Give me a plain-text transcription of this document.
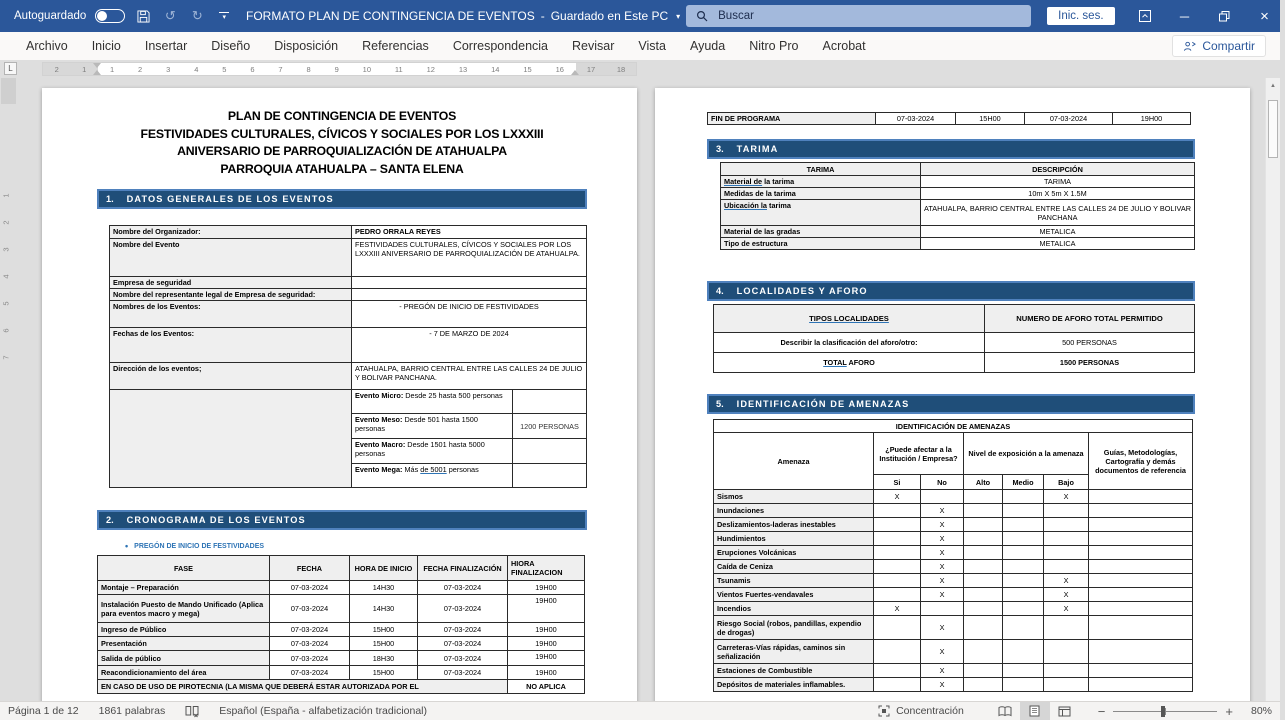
Autoguardado	↺ ↻	▾ FORMATO PLAN DE CONTINGENCIA DE EVENTOS - Guardado en Este PC ▾	Buscar	Inic. ses.	─	×
Archivo	Inicio	Insertar	Diseño	Disposición	Referencias	Correspondencia	Revisar	Vista	Ayuda	Nitro Pro	Acrobat	Compartir
L	2	1	1	2	3	4	5	6	7	8	9	10	11	12	13	14	15	16	17	18
1
2
3
4
5
6
7
PLAN DE CONTINGENCIA DE EVENTOS
FESTIVIDADES CULTURALES, CÍVICOS Y SOCIALES POR LOS LXXXIII
ANIVERSARIO DE PARROQUIALIZACIÓN DE ATAHUALPA
PARROQUIA ATAHUALPA – SANTA ELENA
1. DATOS GENERALES DE LOS EVENTOS
Nombre del Organizador:	PEDRO ORRALA REYES	
Nombre del Evento	FESTIVIDADES CULTURALES, CÍVICOS Y SOCIALES POR LOS LXXXIII ANIVERSARIO DE PARROQUIALIZACIÓN DE ATAHUALPA.	
Empresa de seguridad		
Nombre del representante legal de Empresa de seguridad:		
Nombres de los Eventos:	- PREGÓN DE INICIO DE FESTIVIDADES	
Fechas de los Eventos:	- 7 DE MARZO DE 2024	
Dirección de los eventos;	ATAHUALPA, BARRIO CENTRAL ENTRE LAS CALLES 24 DE JULIO Y BOLIVAR PANCHANA.	
	Evento Micro: Desde 25 hasta 500 personas	
	Evento Meso: Desde 501 hasta 1500 personas	1200 PERSONAS
	Evento Macro: Desde 1501 hasta 5000 personas	
	Evento Mega: Más de 5001 personas	
2. CRONOGRAMA DE LOS EVENTOS
• PREGÓN DE INICIO DE FESTIVIDADES
FASE	FECHA	HORA DE INICIO	FECHA FINALIZACIÓN	HIORA FINALIZACION
Montaje – Preparación	07-03-2024	14H30	07-03-2024	19H00
Instalación Puesto de Mando Unificado (Aplica para eventos macro y mega)	07-03-2024	14H30	07-03-2024	19H00
Ingreso de Público	07-03-2024	15H00	07-03-2024	19H00
Presentación	07-03-2024	15H00	07-03-2024	19H00
Salida de público	07-03-2024	18H30	07-03-2024	19H00
Reacondicionamiento del área	07-03-2024	15H00	07-03-2024	19H00
EN CASO DE USO DE PIROTECNIA (LA MISMA QUE DEBERÁ ESTAR AUTORIZADA POR EL				NO APLICA
FIN DE PROGRAMA	07-03-2024	15H00	07-03-2024	19H00
3. TARIMA
TARIMA	DESCRIPCIÓN
Material de la tarima	TARIMA
Medidas de la tarima	10m X 5m X 1.5M
Ubicación la tarima	ATAHUALPA, BARRIO CENTRAL ENTRE LAS CALLES 24 DE JULIO Y BOLIVAR PANCHANA
Material de las gradas	METALICA
Tipo de estructura	METALICA
4. LOCALIDADES Y AFORO
TIPOS LOCALIDADES	NUMERO DE AFORO TOTAL PERMITIDO
Describir la clasificación del aforo/otro:	500 PERSONAS
TOTAL AFORO	1500 PERSONAS
5. IDENTIFICACIÓN DE AMENAZAS
IDENTIFICACIÓN DE AMENAZAS						
Amenaza	¿Puede afectar a la Institución / Empresa?		Nivel de exposición a la amenaza			Guías, Metodologías, Cartografía y demás documentos de referencia
	Si	No	Alto	Medio	Bajo	
Sismos	X				X	
Inundaciones		X				
Deslizamientos-laderas inestables		X				
Hundimientos		X				
Erupciones Volcánicas		X				
Caída de Ceniza		X				
Tsunamis		X			X	
Vientos Fuertes-vendavales		X			X	
Incendios	X				X	
Riesgo Social (robos, pandillas, expendio de drogas)		X				
Carreteras-Vías rápidas, caminos sin señalización		X				
Estaciones de Combustible		X				
Depósitos de materiales inflamables.		X				
▲
Página 1 de 12 1861 palabras	Español (España - alfabetización tradicional)	Concentración	−	+ 80%
